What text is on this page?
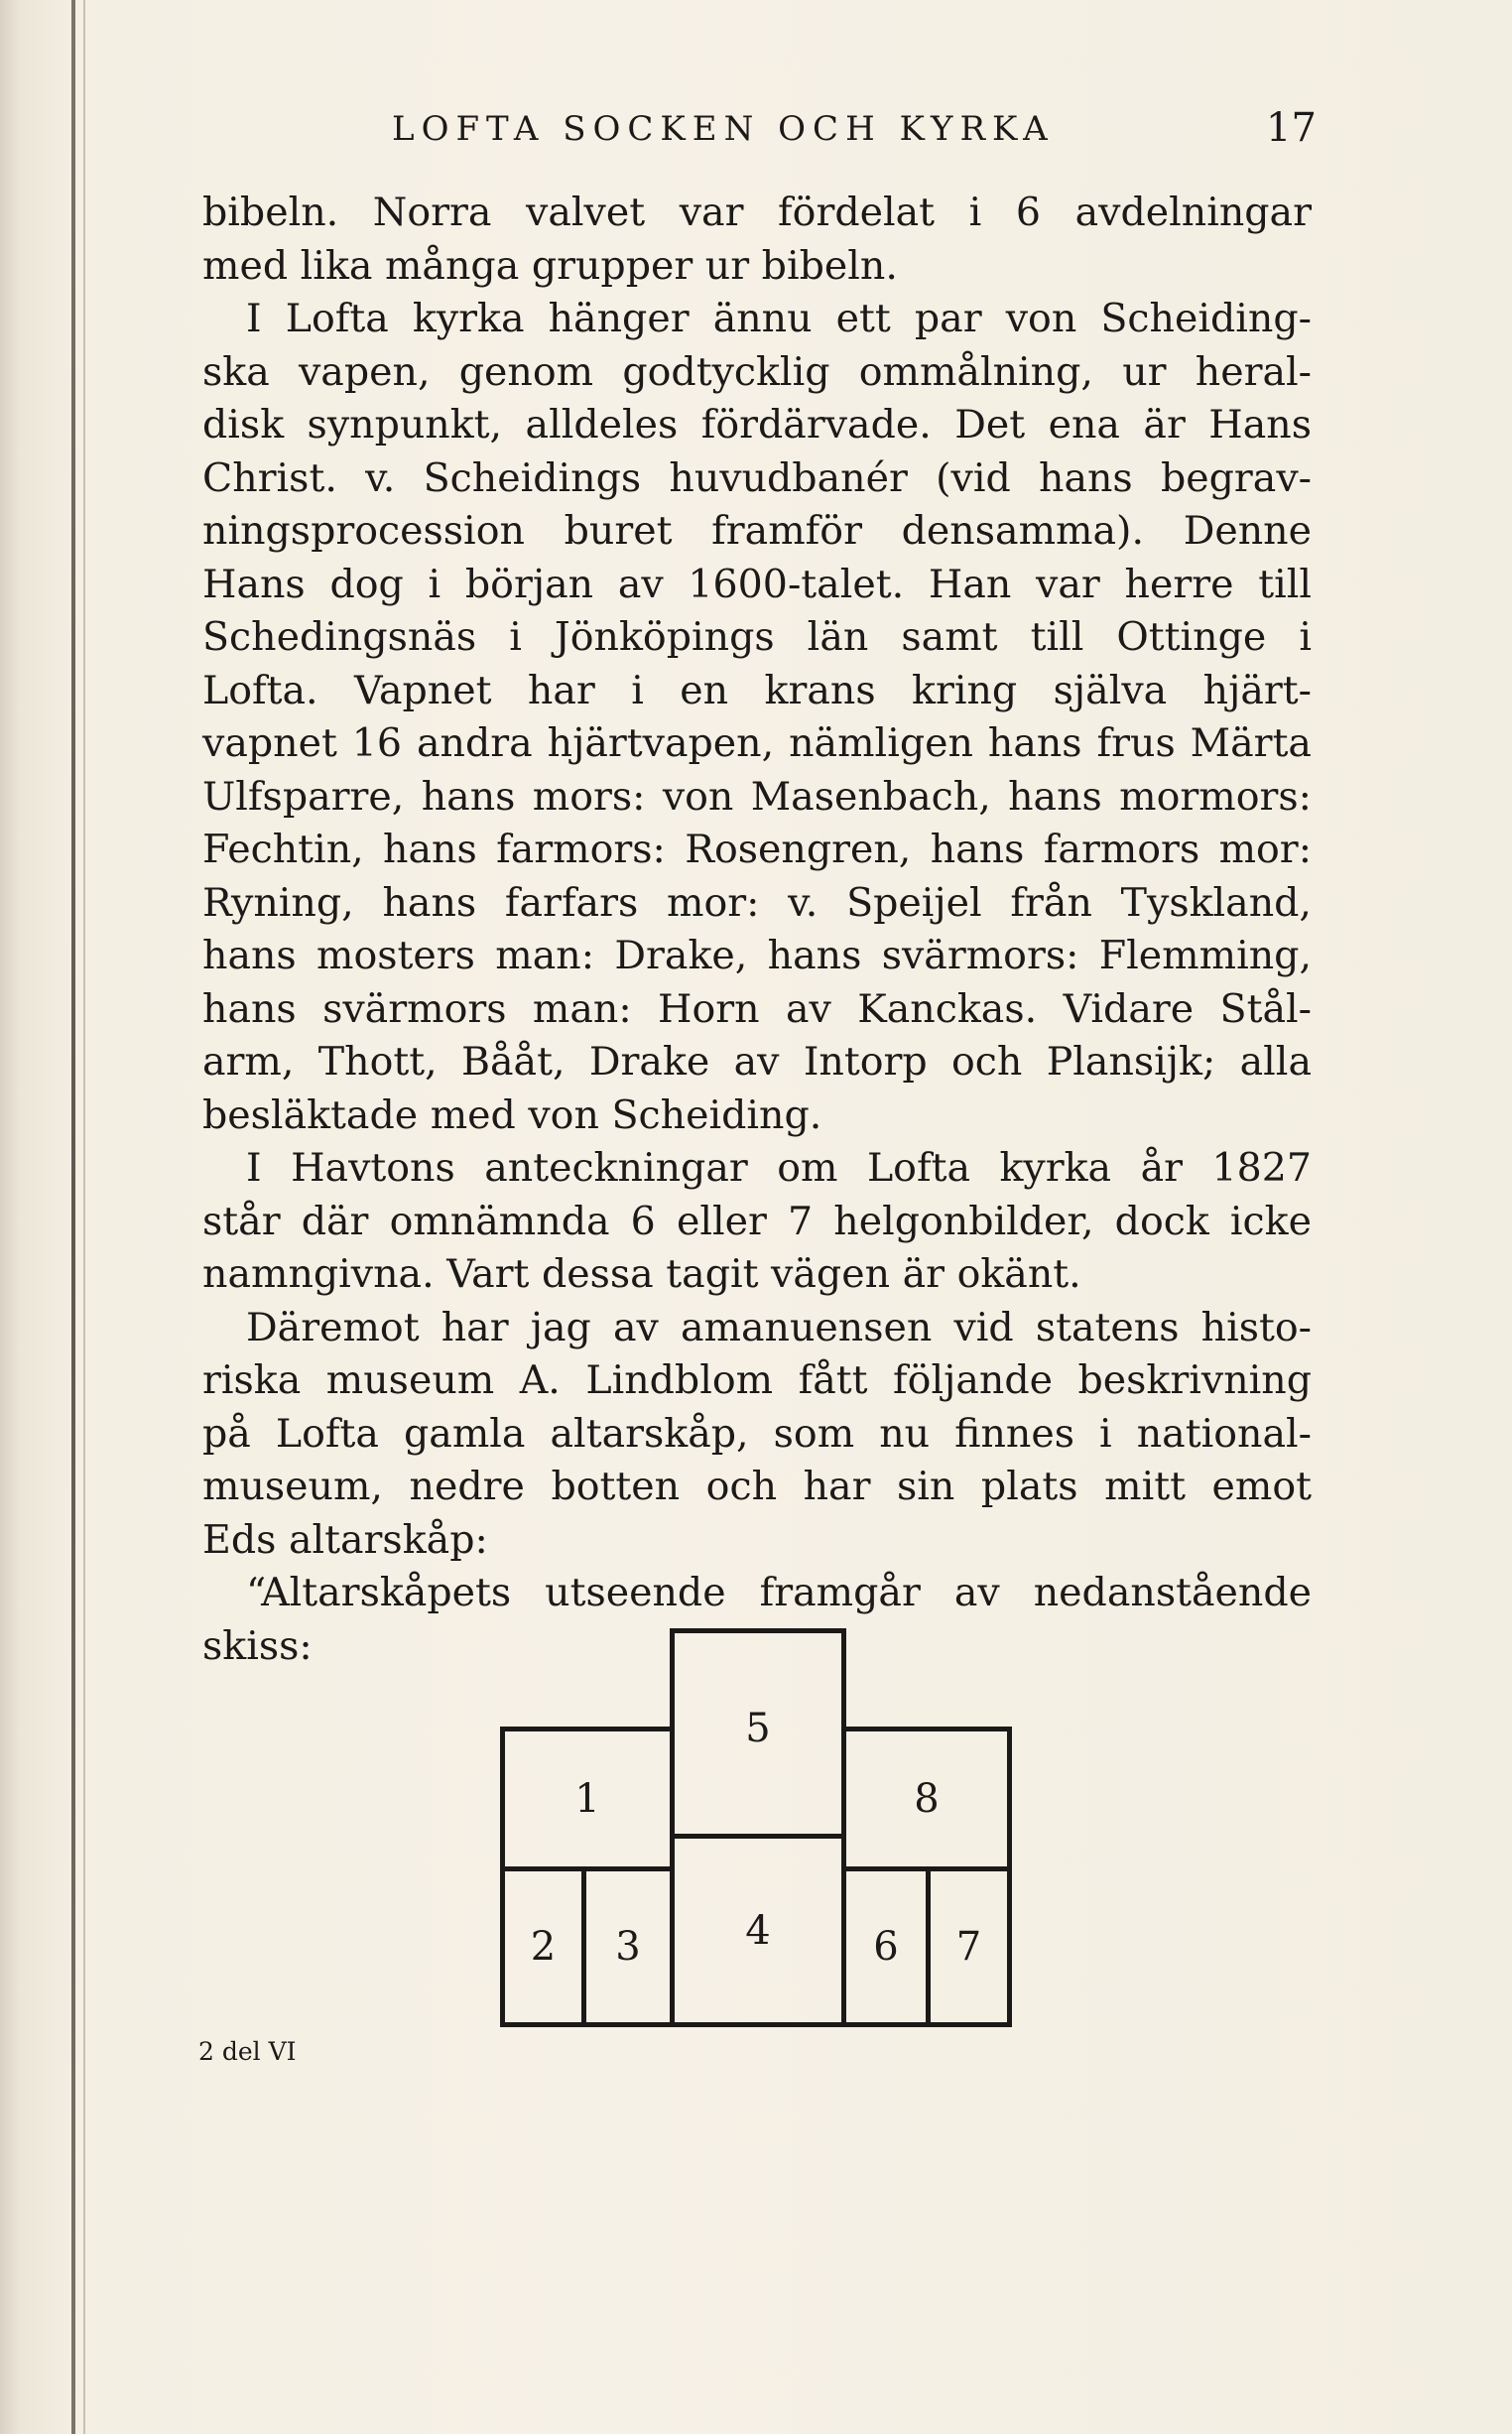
LOFTA SOCKEN OCH KYRKA	17
bibeln. Norra valvet var fördelat i 6 avdelningar
med lika många grupper ur bibeln.
I Lofta kyrka hänger ännu ett par von Scheiding-
ska vapen, genom godtycklig ommålning, ur heral-
disk synpunkt, alldeles fördärvade. Det ena är Hans
Christ. v. Scheidings huvudbanér (vid hans begrav-
ningsprocession buret framför densamma). Denne
Hans dog i början av 1600-talet. Han var herre till
Schedingsnäs i Jönköpings län samt till Ottinge i
Lofta. Vapnet har i en krans kring själva hjärt-
vapnet 16 andra hjärtvapen, nämligen hans frus Märta
Ulfsparre, hans mors: von Masenbach, hans mormors:
Fechtin, hans farmors: Rosengren, hans farmors mor:
Ryning, hans farfars mor: v. Speijel från Tyskland,
hans mosters man: Drake, hans svärmors: Flemming,
hans svärmors man: Horn av Kanckas. Vidare Stål-
arm, Thott, Bååt, Drake av Intorp och Plansijk; alla
besläktade med von Scheiding.
I Havtons anteckningar om Lofta kyrka år 1827
står där omnämnda 6 eller 7 helgonbilder, dock icke
namngivna. Vart dessa tagit vägen är okänt.
Däremot har jag av amanuensen vid statens histo-
riska museum A. Lindblom fått följande beskrivning
på Lofta gamla altarskåp, som nu finnes i national-
museum, nedre botten och har sin plats mitt emot
Eds altarskåp:
“Altarskåpets utseende framgår av nedanstående
skiss:
1
5
8
2	3	4	6	7
2 del VI
